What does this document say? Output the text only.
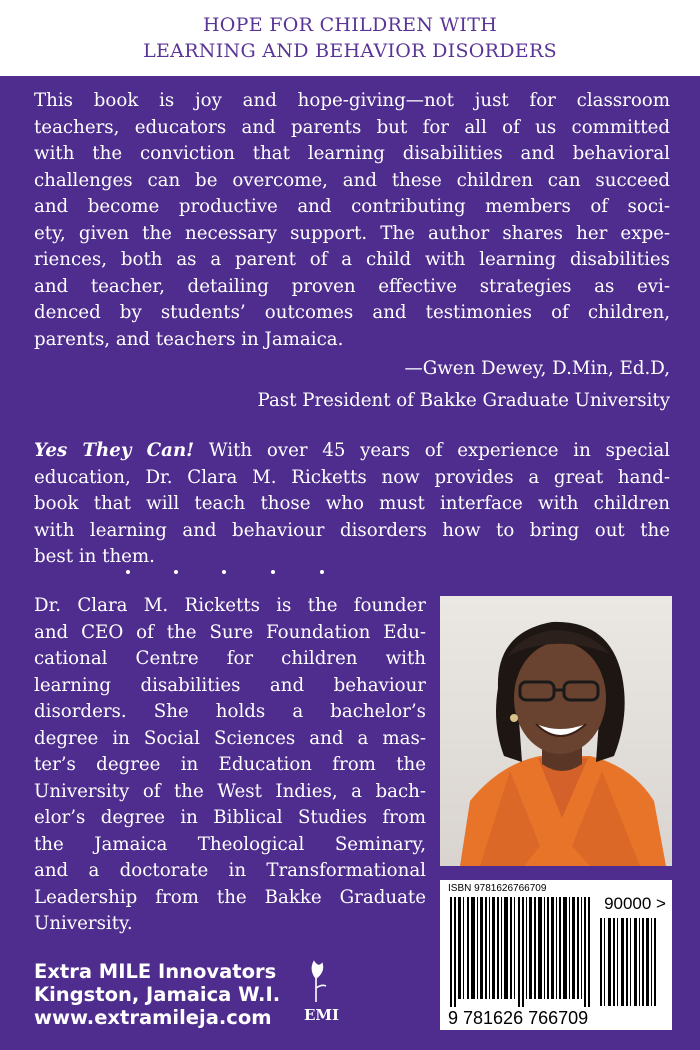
HOPE FOR CHILDREN WITH
LEARNING AND BEHAVIOR DISORDERS
This book is joy and hope-giving—not just for classroom
teachers, educators and parents but for all of us committed
with the conviction that learning disabilities and behavioral
challenges can be overcome, and these children can succeed
and become productive and contributing members of soci-
ety, given the necessary support. The author shares her expe-
riences, both as a parent of a child with learning disabilities
and teacher, detailing proven effective strategies as evi-
denced by students’ outcomes and testimonies of children,
parents, and teachers in Jamaica.
—Gwen Dewey, D.Min, Ed.D,
Past President of Bakke Graduate University
Yes They Can! With over 45 years of experience in special
education, Dr. Clara M. Ricketts now provides a great hand-
book that will teach those who must interface with children
with learning and behaviour disorders how to bring out the
best in them.
Dr. Clara M. Ricketts is the founder
and CEO of the Sure Foundation Edu-
cational Centre for children with
learning disabilities and behaviour
disorders. She holds a bachelor’s
degree in Social Sciences and a mas-
ter’s degree in Education from the
University of the West Indies, a bach-
elor’s degree in Biblical Studies from
the Jamaica Theological Seminary,
and a doctorate in Transformational
Leadership from the Bakke Graduate
University.
ISBN 9781626766709
90000 >
9 781626 766709
Extra MILE Innovators
Kingston, Jamaica W.I.
www.extramileja.com EMI
